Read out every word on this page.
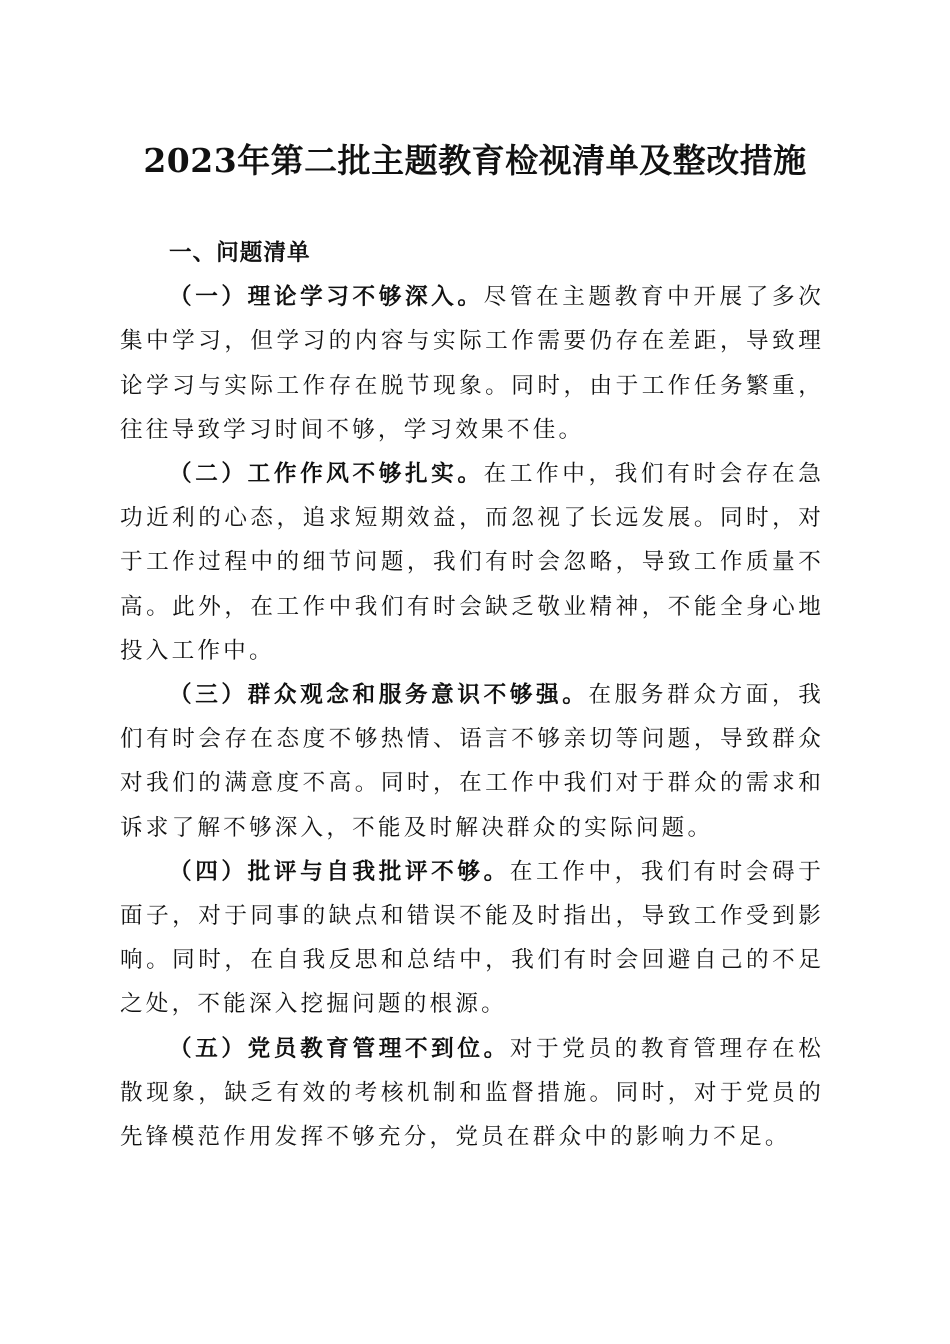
2023年第二批主题教育检视清单及整改措施

一、问题清单

（一）理论学习不够深入。尽管在主题教育中开展了多次集中学习，但学习的内容与实际工作需要仍存在差距，导致理论学习与实际工作存在脱节现象。同时，由于工作任务繁重，往往导致学习时间不够，学习效果不佳。

（二）工作作风不够扎实。在工作中，我们有时会存在急功近利的心态，追求短期效益，而忽视了长远发展。同时，对于工作过程中的细节问题，我们有时会忽略，导致工作质量不高。此外，在工作中我们有时会缺乏敬业精神，不能全身心地投入工作中。

（三）群众观念和服务意识不够强。在服务群众方面，我们有时会存在态度不够热情、语言不够亲切等问题，导致群众对我们的满意度不高。同时，在工作中我们对于群众的需求和诉求了解不够深入，不能及时解决群众的实际问题。

（四）批评与自我批评不够。在工作中，我们有时会碍于面子，对于同事的缺点和错误不能及时指出，导致工作受到影响。同时，在自我反思和总结中，我们有时会回避自己的不足之处，不能深入挖掘问题的根源。

（五）党员教育管理不到位。对于党员的教育管理存在松散现象，缺乏有效的考核机制和监督措施。同时，对于党员的先锋模范作用发挥不够充分，党员在群众中的影响力不足。
